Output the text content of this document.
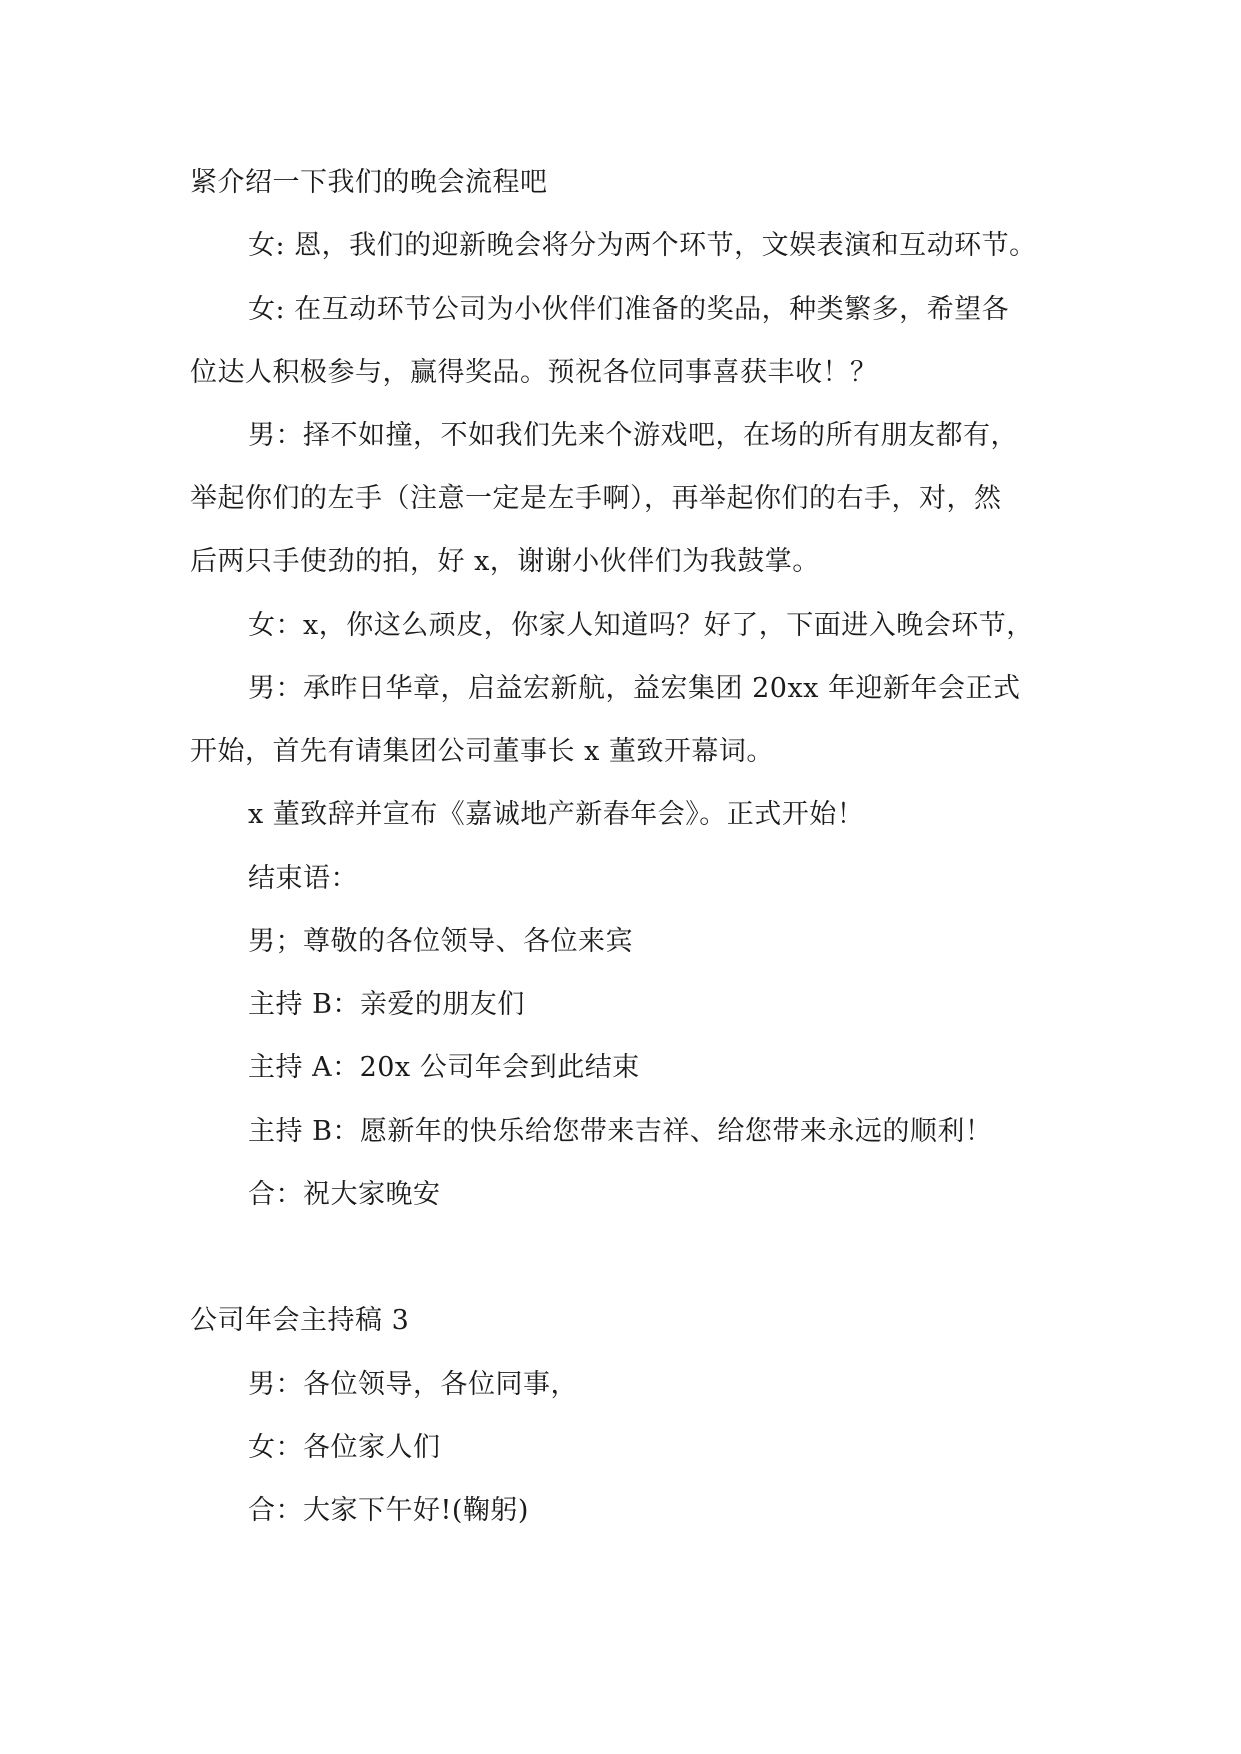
紧介绍一下我们的晚会流程吧
女: 恩，我们的迎新晚会将分为两个环节，文娱表演和互动环节。
女: 在互动环节公司为小伙伴们准备的奖品，种类繁多，希望各
位达人积极参与，赢得奖品。预祝各位同事喜获丰收！？
男：择不如撞，不如我们先来个游戏吧，在场的所有朋友都有，
举起你们的左手（注意一定是左手啊），再举起你们的右手，对，然
后两只手使劲的拍，好 x，谢谢小伙伴们为我鼓掌。
女：x，你这么顽皮，你家人知道吗？好了，下面进入晚会环节，
男：承昨日华章，启益宏新航，益宏集团 20xx 年迎新年会正式
开始，首先有请集团公司董事长 x 董致开幕词。
x 董致辞并宣布《嘉诚地产新春年会》。正式开始！
结束语：
男；尊敬的各位领导、各位来宾
主持 B：亲爱的朋友们
主持 A：20x 公司年会到此结束
主持 B：愿新年的快乐给您带来吉祥、给您带来永远的顺利！
合：祝大家晚安
公司年会主持稿 3
男：各位领导，各位同事，
女：各位家人们
合：大家下午好!(鞠躬)
